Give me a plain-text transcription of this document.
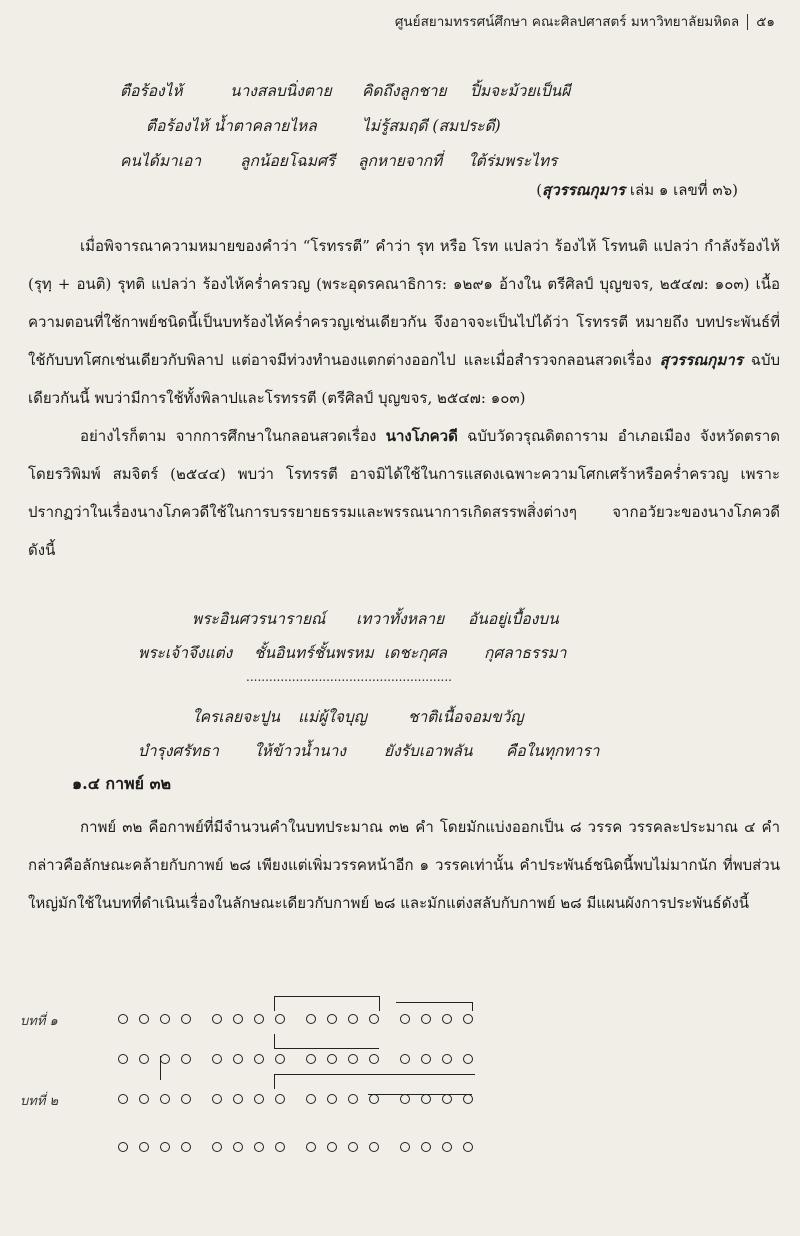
ศูนย์สยามทรรศน์ศึกษา คณะศิลปศาสตร์ มหาวิทยาลัยมหิดล ๕๑
ตือร้องไห้	นางสลบนิ่งตาย คิดถึงลูกชาย ปิ้มจะม้วยเป็นผี
ตือร้องไห้ น้ำตาคลายไหล	ไม่รู้สมฤดี (สมประดี)
คนได้มาเอา	ลูกน้อยโฉมศรี ลูกหายจากที่ ใต้ร่มพระไทร
(สุวรรณกุมาร เล่ม ๑ เลขที่ ๓๖)

เมื่อพิจารณาความหมายของคำว่า “โรทรรตี” คำว่า รุท หรือ โรท แปลว่า ร้องไห้ โรทนติ แปลว่า กำลังร้องไห้ (รุทฺ + อนติ) รุทติ แปลว่า ร้องไห้คร่ำครวญ (พระอุดรคณาธิการ: ๑๒๙๑ อ้างใน ตรีศิลป์ บุญขจร, ๒๕๔๗: ๑๐๓) เนื้อความตอนที่ใช้กาพย์ชนิดนี้เป็นบทร้องไห้คร่ำครวญเช่นเดียวกัน จึงอาจจะเป็นไปได้ว่า โรทรรตี หมายถึง บทประพันธ์ที่ใช้กับบทโศกเช่นเดียวกับพิลาป แต่อาจมีท่วงทำนองแตกต่างออกไป และเมื่อสำรวจกลอนสวดเรื่อง สุวรรณกุมาร ฉบับเดียวกันนี้ พบว่ามีการใช้ทั้งพิลาปและโรทรรตี (ตรีศิลป์ บุญขจร, ๒๕๔๗: ๑๐๓)

อย่างไรก็ตาม จากการศึกษาในกลอนสวดเรื่อง นางโภควดี ฉบับวัดวรุณดิตถาราม อำเภอเมือง จังหวัดตราด โดยรวิพิมพ์ สมจิตร์ (๒๕๔๔) พบว่า โรทรรตี อาจมิได้ใช้ในการแสดงเฉพาะความโศกเศร้าหรือคร่ำครวญ เพราะปรากฏว่าในเรื่องนางโภควดีใช้ในการบรรยายธรรมและพรรณนาการเกิดสรรพสิ่งต่างๆ จากอวัยวะของนางโภควดี ดังนี้

พระอินศวรนารายณ์ เทวาทั้งหลาย อันอยู่เบื้องบน
พระเจ้าจึงแต่ง ชั้นอินทร์ชั้นพรหม เดชะกุศล กุศลาธรรมา
......................................................
ใครเลยจะปูน แม่ผู้ใจบุญ	ชาติเนื้อจอมขวัญ
บำรุงศรัทธา ให้ข้าวน้ำนาง ยังรับเอาพลัน คือในทุกทารา
๑.๔ กาพย์ ๓๒

กาพย์ ๓๒ คือกาพย์ที่มีจำนวนคำในบทประมาณ ๓๒ คำ โดยมักแบ่งออกเป็น ๘ วรรค วรรคละประมาณ ๔ คำ กล่าวคือลักษณะคล้ายกับกาพย์ ๒๘ เพียงแต่เพิ่มวรรคหน้าอีก ๑ วรรคเท่านั้น คำประพันธ์ชนิดนี้พบไม่มากนัก ที่พบส่วนใหญ่มักใช้ในบทที่ดำเนินเรื่องในลักษณะเดียวกับกาพย์ ๒๘ และมักแต่งสลับกับกาพย์ ๒๘ มีแผนผังการประพันธ์ดังนี้

บทที่ ๑
บทที่ ๒
